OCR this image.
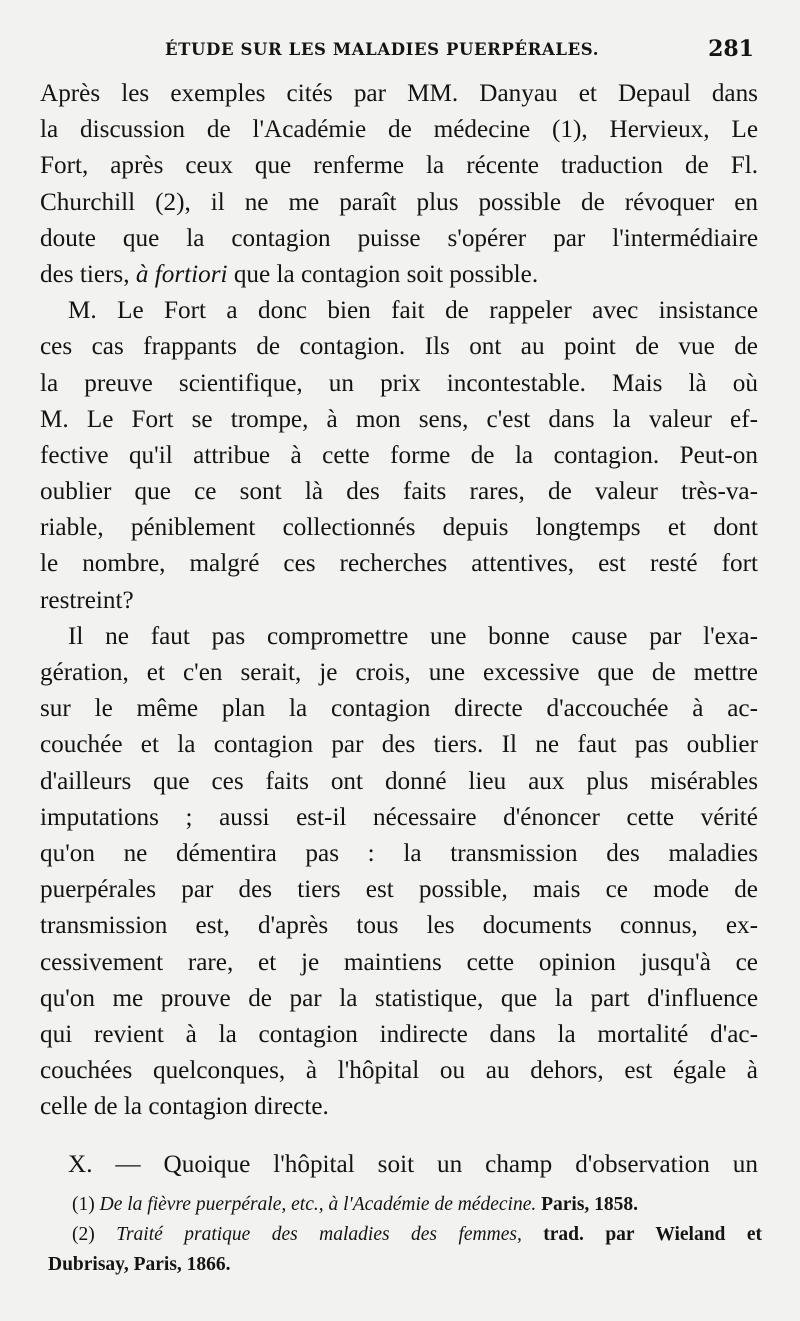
ÉTUDE SUR LES MALADIES PUERPÉRALES.	281
Après les exemples cités par MM. Danyau et Depaul dans
la discussion de l'Académie de médecine (1), Hervieux, Le
Fort, après ceux que renferme la récente traduction de Fl.
Churchill (2), il ne me paraît plus possible de révoquer en
doute que la contagion puisse s'opérer par l'intermédiaire
des tiers, à fortiori que la contagion soit possible.
M. Le Fort a donc bien fait de rappeler avec insistance
ces cas frappants de contagion. Ils ont au point de vue de
la preuve scientifique, un prix incontestable. Mais là où
M. Le Fort se trompe, à mon sens, c'est dans la valeur ef-
fective qu'il attribue à cette forme de la contagion. Peut-on
oublier que ce sont là des faits rares, de valeur très-va-
riable, péniblement collectionnés depuis longtemps et dont
le nombre, malgré ces recherches attentives, est resté fort
restreint?
Il ne faut pas compromettre une bonne cause par l'exa-
gération, et c'en serait, je crois, une excessive que de mettre
sur le même plan la contagion directe d'accouchée à ac-
couchée et la contagion par des tiers. Il ne faut pas oublier
d'ailleurs que ces faits ont donné lieu aux plus misérables
imputations ; aussi est-il nécessaire d'énoncer cette vérité
qu'on ne démentira pas : la transmission des maladies
puerpérales par des tiers est possible, mais ce mode de
transmission est, d'après tous les documents connus, ex-
cessivement rare, et je maintiens cette opinion jusqu'à ce
qu'on me prouve de par la statistique, que la part d'influence
qui revient à la contagion indirecte dans la mortalité d'ac-
couchées quelconques, à l'hôpital ou au dehors, est égale à
celle de la contagion directe.
X. — Quoique l'hôpital soit un champ d'observation un
(1) De la fièvre puerpérale, etc., à l'Académie de médecine. Paris, 1858.
(2) Traité pratique des maladies des femmes, trad. par Wieland et
Dubrisay, Paris, 1866.
